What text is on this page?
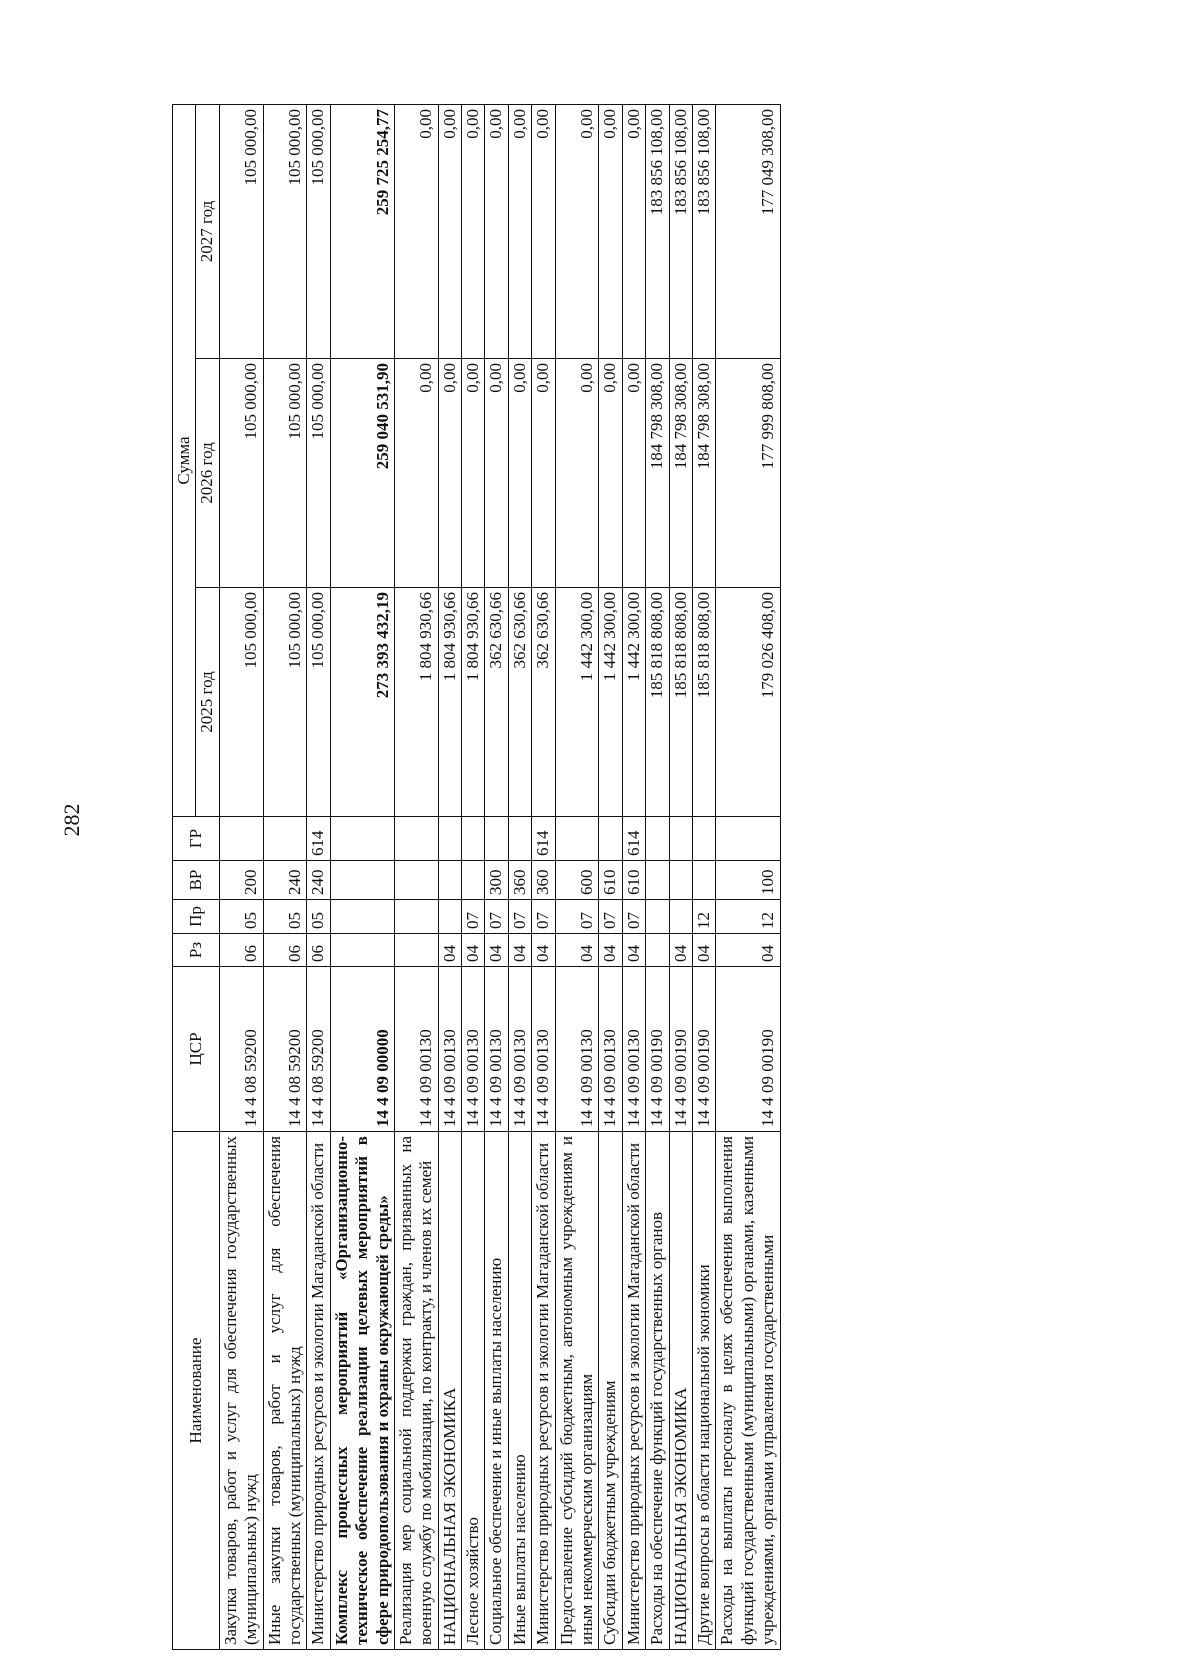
282
Наименование	ЦСР	Рз	Пр	ВР	ГР	Сумма		
						2025 год	2026 год	2027 год
Закупка товаров, работ и услуг для обеспечения государственных (муниципальных) нужд	14 4 08 59200	06	05	200		105 000,00	105 000,00	105 000,00
Иные закупки товаров, работ и услуг для обеспечения государственных (муниципальных) нужд	14 4 08 59200	06	05	240		105 000,00	105 000,00	105 000,00
Министерство природных ресурсов и экологии Магаданской области	14 4 08 59200	06	05	240	614	105 000,00	105 000,00	105 000,00
Комплекс процессных мероприятий «Организационно-техническое обеспечение реализации целевых мероприятий в сфере природопользования и охраны окружающей среды»	14 4 09 00000					273 393 432,19	259 040 531,90	259 725 254,77
Реализация мер социальной поддержки граждан, призванных на военную службу по мобилизации, по контракту, и членов их семей	14 4 09 00130					1 804 930,66	0,00	0,00
НАЦИОНАЛЬНАЯ ЭКОНОМИКА	14 4 09 00130	04				1 804 930,66	0,00	0,00
Лесное хозяйство	14 4 09 00130	04	07			1 804 930,66	0,00	0,00
Социальное обеспечение и иные выплаты населению	14 4 09 00130	04	07	300		362 630,66	0,00	0,00
Иные выплаты населению	14 4 09 00130	04	07	360		362 630,66	0,00	0,00
Министерство природных ресурсов и экологии Магаданской области	14 4 09 00130	04	07	360	614	362 630,66	0,00	0,00
Предоставление субсидий бюджетным, автономным учреждениям и иным некоммерческим организациям	14 4 09 00130	04	07	600		1 442 300,00	0,00	0,00
Субсидии бюджетным учреждениям	14 4 09 00130	04	07	610		1 442 300,00	0,00	0,00
Министерство природных ресурсов и экологии Магаданской области	14 4 09 00130	04	07	610	614	1 442 300,00	0,00	0,00
Расходы на обеспечение функций государственных органов	14 4 09 00190					185 818 808,00	184 798 308,00	183 856 108,00
НАЦИОНАЛЬНАЯ ЭКОНОМИКА	14 4 09 00190	04				185 818 808,00	184 798 308,00	183 856 108,00
Другие вопросы в области национальной экономики	14 4 09 00190	04	12			185 818 808,00	184 798 308,00	183 856 108,00
Расходы на выплаты персоналу в целях обеспечения выполнения функций государственными (муниципальными) органами, казенными учреждениями, органами управления государственными	14 4 09 00190	04	12	100		179 026 408,00	177 999 808,00	177 049 308,00
